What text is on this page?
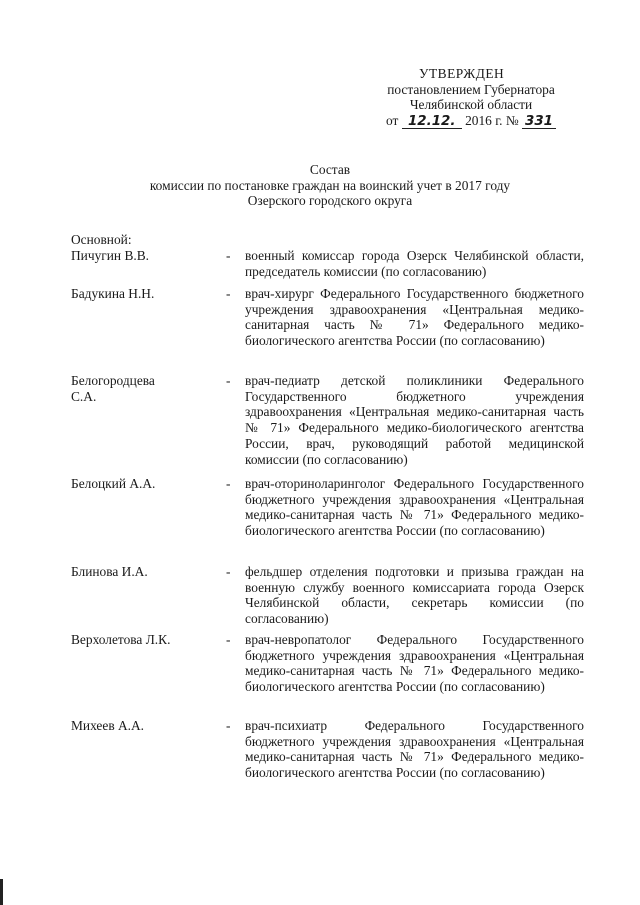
УТВЕРЖДЕН
постановлением Губернатора
Челябинской области
от 12.12. 2016 г. № 331
Состав
комиссии по постановке граждан на воинский учет в 2017 году
Озерского городского округа
Основной:
Пичугин В.В.	- военный комиссар города Озерск Челябинской области, председатель комиссии (по согласованию)
Бадукина Н.Н.	- врач-хирург Федерального Государственного бюджетного учреждения здравоохранения «Центральная медико-санитарная часть № 71» Федерального медико-биологического агентства России (по согласованию)
Белогородцева
С.А.
- врач-педиатр детской поликлиники Федерального Государственного бюджетного учреждения здравоохранения «Центральная медико-санитарная часть № 71» Федерального медико-биологического агентства России, врач, руководящий работой медицинской комиссии (по согласованию)
Белоцкий А.А.	- врач-оториноларинголог Федерального Государственного бюджетного учреждения здравоохранения «Центральная медико-санитарная часть № 71» Федерального медико-биологического агентства России (по согласованию)
Блинова И.А.	- фельдшер отделения подготовки и призыва граждан на военную службу военного комиссариата города Озерск Челябинской области, секретарь комиссии (по согласованию)
Верхолетова Л.К.	- врач-невропатолог Федерального Государственного бюджетного учреждения здравоохранения «Центральная медико-санитарная часть № 71» Федерального медико-биологического агентства России (по согласованию)
Михеев А.А.	- врач-психиатр Федерального Государственного бюджетного учреждения здравоохранения «Центральная медико-санитарная часть № 71» Федерального медико-биологического агентства России (по согласованию)
